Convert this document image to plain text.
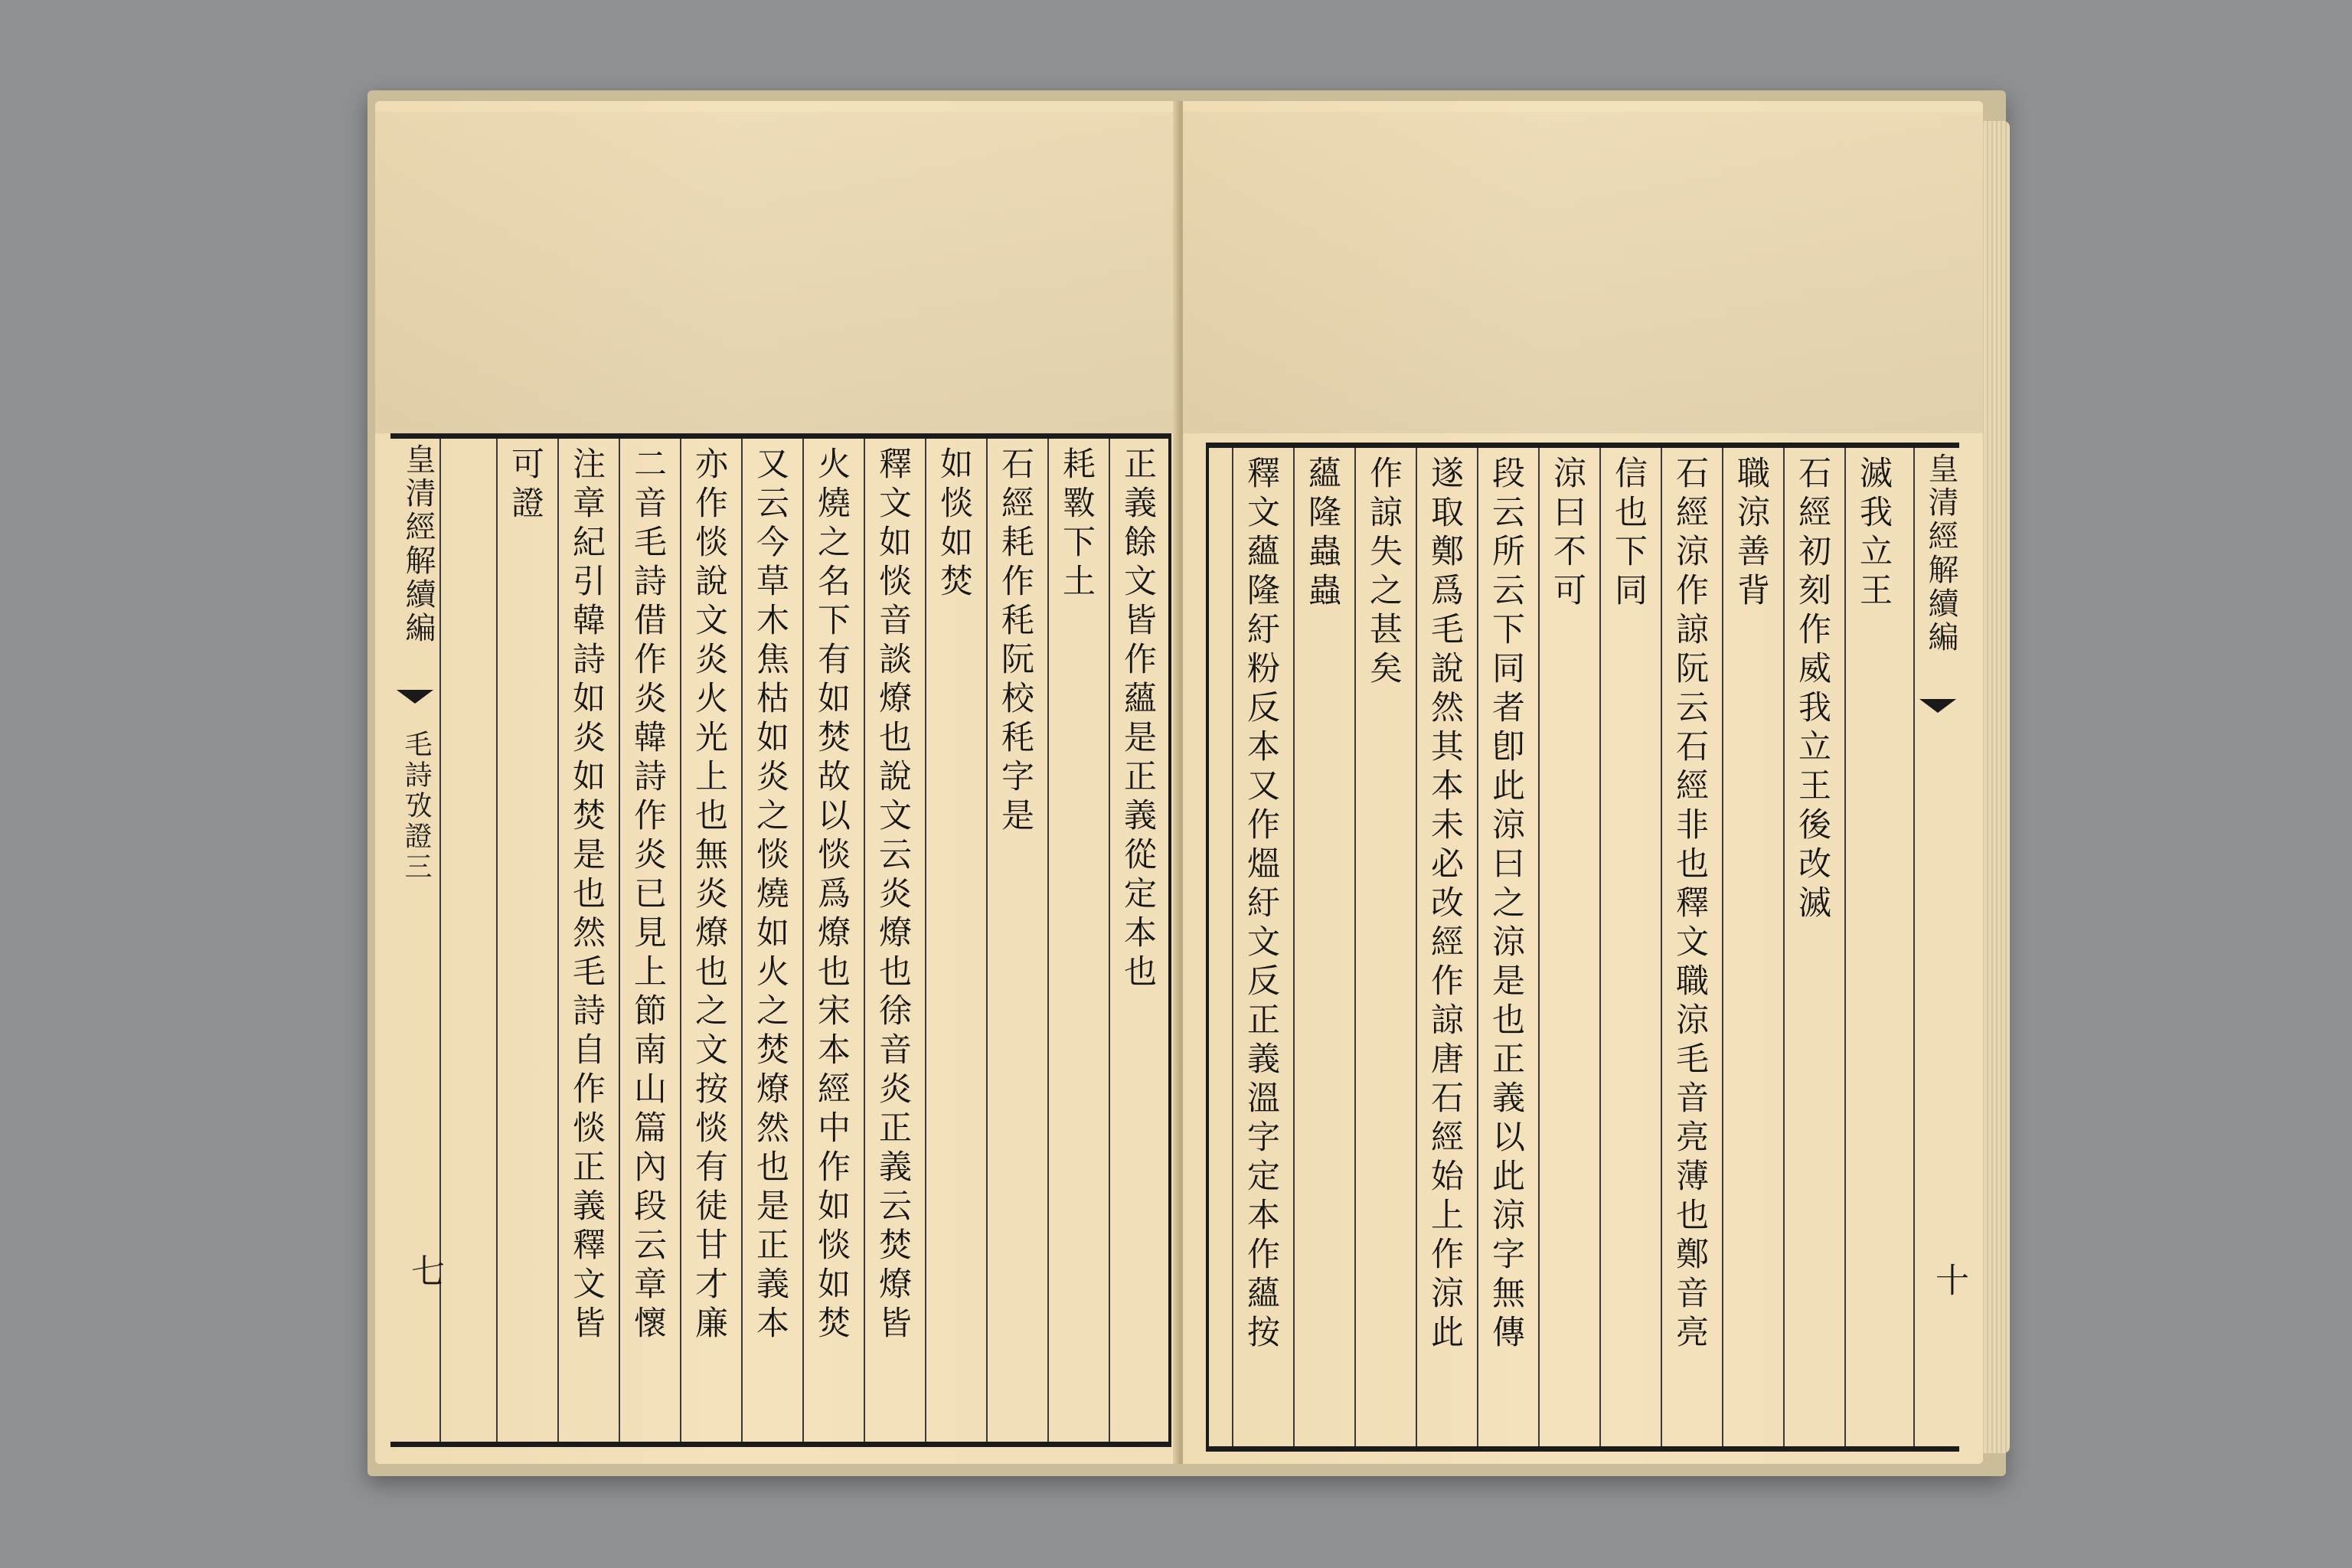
正義餘文皆作蘊是正義從定本也
耗斁下土
石經耗作秏阮校秏字是
如惔如焚
釋文如惔音談燎也說文云炎燎也徐音炎正義云焚燎皆
火燒之名下有如焚故以惔爲燎也宋本經中作如惔如焚
又云今草木焦枯如炎之惔燒如火之焚燎然也是正義本
亦作惔說文炎火光上也無炎燎也之文按惔有徒甘才廉
二音毛詩借作炎韓詩作炎已見上節南山篇內段云章懷
注章紀引韓詩如炎如焚是也然毛詩自作惔正義釋文皆
可證
皇清經解續編
毛詩攷證三
七
滅我立王
石經初刻作威我立王後改滅
職涼善背
石經涼作諒阮云石經非也釋文職涼毛音亮薄也鄭音亮
信也下同
涼曰不可
段云所云下同者卽此涼曰之涼是也正義以此涼字無傳
遂取鄭爲毛說然其本未必改經作諒唐石經始上作涼此
作諒失之甚矣
蘊隆蟲蟲
釋文蘊隆紆粉反本又作熅紆文反正義溫字定本作蘊按	皇清經解續編
十
